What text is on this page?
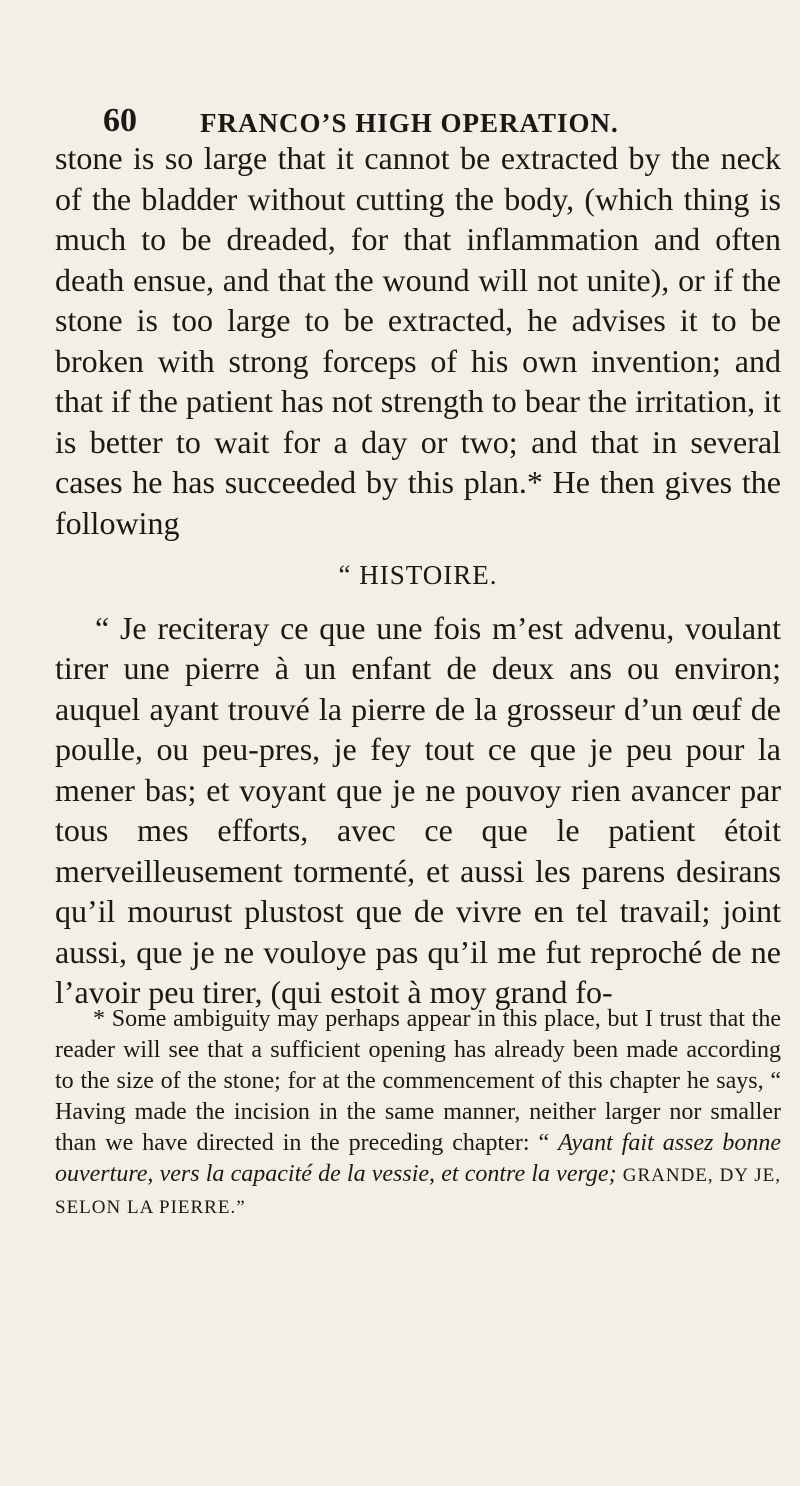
60 FRANCO’S HIGH OPERATION.

stone is so large that it cannot be extracted by the neck of the bladder without cutting the body, (which thing is much to be dreaded, for that inflammation and often death ensue, and that the wound will not unite), or if the stone is too large to be extracted, he advises it to be broken with strong forceps of his own invention; and that if the patient has not strength to bear the irritation, it is better to wait for a day or two; and that in several cases he has succeeded by this plan.* He then gives the following

“ HISTOIRE.

“ Je reciteray ce que une fois m’est advenu, voulant tirer une pierre à un enfant de deux ans ou environ; auquel ayant trouvé la pierre de la grosseur d’un œuf de poulle, ou peu-pres, je fey tout ce que je peu pour la mener bas; et voyant que je ne pouvoy rien avancer par tous mes efforts, avec ce que le patient étoit merveilleusement tormenté, et aussi les parens desirans qu’il mourust plustost que de vivre en tel travail; joint aussi, que je ne vouloye pas qu’il me fut reproché de ne l’avoir peu tirer, (qui estoit à moy grand fo-

* Some ambiguity may perhaps appear in this place, but I trust that the reader will see that a sufficient opening has already been made according to the size of the stone; for at the commencement of this chapter he says, “ Having made the incision in the same manner, neither larger nor smaller than we have directed in the preceding chapter: “ Ayant fait assez bonne ouverture, vers la capacité de la vessie, et contre la verge; GRANDE, DY JE, SELON LA PIERRE.”
